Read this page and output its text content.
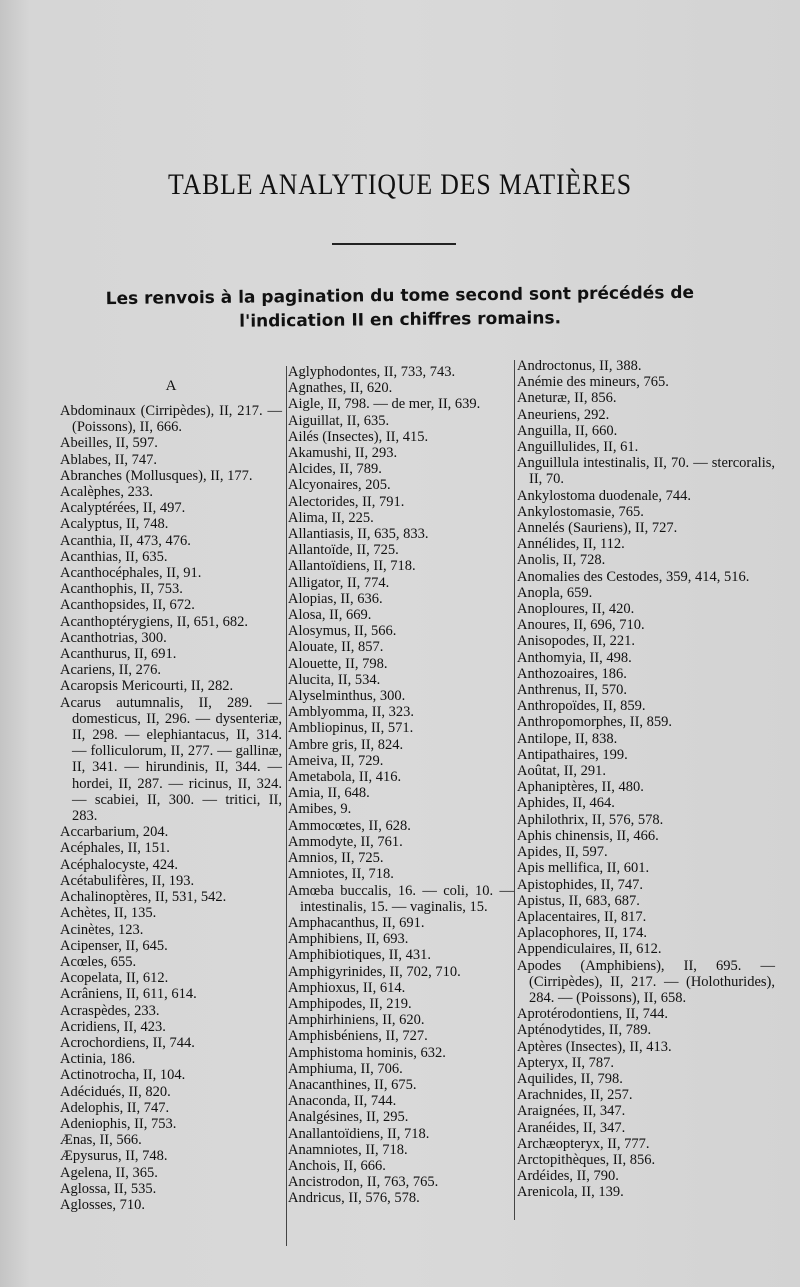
TABLE ANALYTIQUE DES MATIÈRES
Les renvois à la pagination du tome second sont précédés de l'indication II en chiffres romains.
A
Abdominaux (Cirripèdes), II, 217. — (Poissons), II, 666.
Abeilles, II, 597.
Ablabes, II, 747.
Abranches (Mollusques), II, 177.
Acalèphes, 233.
Acalyptérées, II, 497.
Acalyptus, II, 748.
Acanthia, II, 473, 476.
Acanthias, II, 635.
Acanthocéphales, II, 91.
Acanthophis, II, 753.
Acanthopsides, II, 672.
Acanthoptérygiens, II, 651, 682.
Acanthotrias, 300.
Acanthurus, II, 691.
Acariens, II, 276.
Acaropsis Mericourti, II, 282.
Acarus autumnalis, II, 289. — domesticus, II, 296. — dysenteriæ, II, 298. — elephiantacus, II, 314. — folliculorum, II, 277. — gallinæ, II, 341. — hirundinis, II, 344. — hordei, II, 287. — ricinus, II, 324. — scabiei, II, 300. — tritici, II, 283.
Accarbarium, 204.
Acéphales, II, 151.
Acéphalocyste, 424.
Acétabulifères, II, 193.
Achalinoptères, II, 531, 542.
Achètes, II, 135.
Acinètes, 123.
Acipenser, II, 645.
Acœles, 655.
Acopelata, II, 612.
Acrâniens, II, 611, 614.
Acraspèdes, 233.
Acridiens, II, 423.
Acrochordiens, II, 744.
Actinia, 186.
Actinotrocha, II, 104.
Adécidués, II, 820.
Adelophis, II, 747.
Adeniophis, II, 753.
Ænas, II, 566.
Æpysurus, II, 748.
Agelena, II, 365.
Aglossa, II, 535.
Aglosses, 710.
Aglyphodontes, II, 733, 743.
Agnathes, II, 620.
Aigle, II, 798. — de mer, II, 639.
Aiguillat, II, 635.
Ailés (Insectes), II, 415.
Akamushi, II, 293.
Alcides, II, 789.
Alcyonaires, 205.
Alectorides, II, 791.
Alima, II, 225.
Allantiasis, II, 635, 833.
Allantoïde, II, 725.
Allantoïdiens, II, 718.
Alligator, II, 774.
Alopias, II, 636.
Alosa, II, 669.
Alosymus, II, 566.
Alouate, II, 857.
Alouette, II, 798.
Alucita, II, 534.
Alyselminthus, 300.
Amblyomma, II, 323.
Ambliopinus, II, 571.
Ambre gris, II, 824.
Ameiva, II, 729.
Ametabola, II, 416.
Amia, II, 648.
Amibes, 9.
Ammocœtes, II, 628.
Ammodyte, II, 761.
Amnios, II, 725.
Amniotes, II, 718.
Amœba buccalis, 16. — coli, 10. — intestinalis, 15. — vaginalis, 15.
Amphacanthus, II, 691.
Amphibiens, II, 693.
Amphibiotiques, II, 431.
Amphigyrinides, II, 702, 710.
Amphioxus, II, 614.
Amphipodes, II, 219.
Amphirhiniens, II, 620.
Amphisbéniens, II, 727.
Amphistoma hominis, 632.
Amphiuma, II, 706.
Anacanthines, II, 675.
Anaconda, II, 744.
Analgésines, II, 295.
Anallantoïdiens, II, 718.
Anamniotes, II, 718.
Anchois, II, 666.
Ancistrodon, II, 763, 765.
Andricus, II, 576, 578.
Androctonus, II, 388.
Anémie des mineurs, 765.
Aneturæ, II, 856.
Aneuriens, 292.
Anguilla, II, 660.
Anguillulides, II, 61.
Anguillula intestinalis, II, 70. — stercoralis, II, 70.
Ankylostoma duodenale, 744.
Ankylostomasie, 765.
Annelés (Sauriens), II, 727.
Annélides, II, 112.
Anolis, II, 728.
Anomalies des Cestodes, 359, 414, 516.
Anopla, 659.
Anoploures, II, 420.
Anoures, II, 696, 710.
Anisopodes, II, 221.
Anthomyia, II, 498.
Anthozoaires, 186.
Anthrenus, II, 570.
Anthropoïdes, II, 859.
Anthropomorphes, II, 859.
Antilope, II, 838.
Antipathaires, 199.
Aoûtat, II, 291.
Aphaniptères, II, 480.
Aphides, II, 464.
Aphilothrix, II, 576, 578.
Aphis chinensis, II, 466.
Apides, II, 597.
Apis mellifica, II, 601.
Apistophides, II, 747.
Apistus, II, 683, 687.
Aplacentaires, II, 817.
Aplacophores, II, 174.
Appendiculaires, II, 612.
Apodes (Amphibiens), II, 695. — (Cirripèdes), II, 217. — (Holothurides), 284. — (Poissons), II, 658.
Aprotérodontiens, II, 744.
Apténodytides, II, 789.
Aptères (Insectes), II, 413.
Apteryx, II, 787.
Aquilides, II, 798.
Arachnides, II, 257.
Araignées, II, 347.
Aranéides, II, 347.
Archæopteryx, II, 777.
Arctopithèques, II, 856.
Ardéides, II, 790.
Arenicola, II, 139.
